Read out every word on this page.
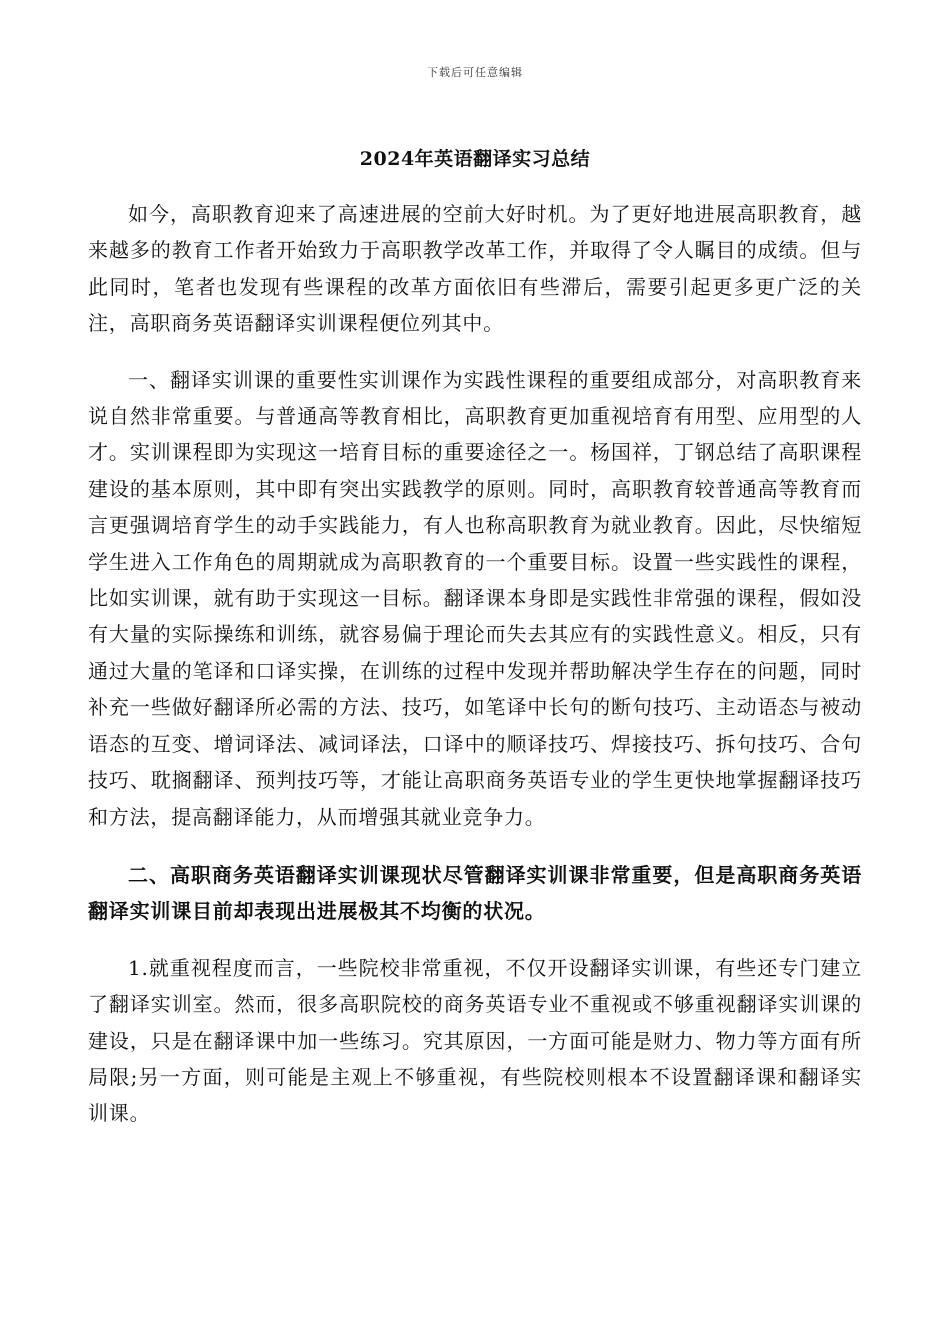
下载后可任意编辑
2024年英语翻译实习总结

如今，高职教育迎来了高速进展的空前大好时机。为了更好地进展高职教育，越来越多的教育工作者开始致力于高职教学改革工作，并取得了令人瞩目的成绩。但与此同时，笔者也发现有些课程的改革方面依旧有些滞后，需要引起更多更广泛的关注，高职商务英语翻译实训课程便位列其中。

一、翻译实训课的重要性实训课作为实践性课程的重要组成部分，对高职教育来说自然非常重要。与普通高等教育相比，高职教育更加重视培育有用型、应用型的人才。实训课程即为实现这一培育目标的重要途径之一。杨国祥，丁钢总结了高职课程建设的基本原则，其中即有突出实践教学的原则。同时，高职教育较普通高等教育而言更强调培育学生的动手实践能力，有人也称高职教育为就业教育。因此，尽快缩短学生进入工作角色的周期就成为高职教育的一个重要目标。设置一些实践性的课程，比如实训课，就有助于实现这一目标。翻译课本身即是实践性非常强的课程，假如没有大量的实际操练和训练，就容易偏于理论而失去其应有的实践性意义。相反，只有通过大量的笔译和口译实操，在训练的过程中发现并帮助解决学生存在的问题，同时补充一些做好翻译所必需的方法、技巧，如笔译中长句的断句技巧、主动语态与被动语态的互变、增词译法、减词译法，口译中的顺译技巧、焊接技巧、拆句技巧、合句技巧、耽搁翻译、预判技巧等，才能让高职商务英语专业的学生更快地掌握翻译技巧和方法，提高翻译能力，从而增强其就业竞争力。

二、高职商务英语翻译实训课现状尽管翻译实训课非常重要，但是高职商务英语翻译实训课目前却表现出进展极其不均衡的状况。

1.就重视程度而言，一些院校非常重视，不仅开设翻译实训课，有些还专门建立了翻译实训室。然而，很多高职院校的商务英语专业不重视或不够重视翻译实训课的建设，只是在翻译课中加一些练习。究其原因，一方面可能是财力、物力等方面有所局限;另一方面，则可能是主观上不够重视，有些院校则根本不设置翻译课和翻译实训课。
